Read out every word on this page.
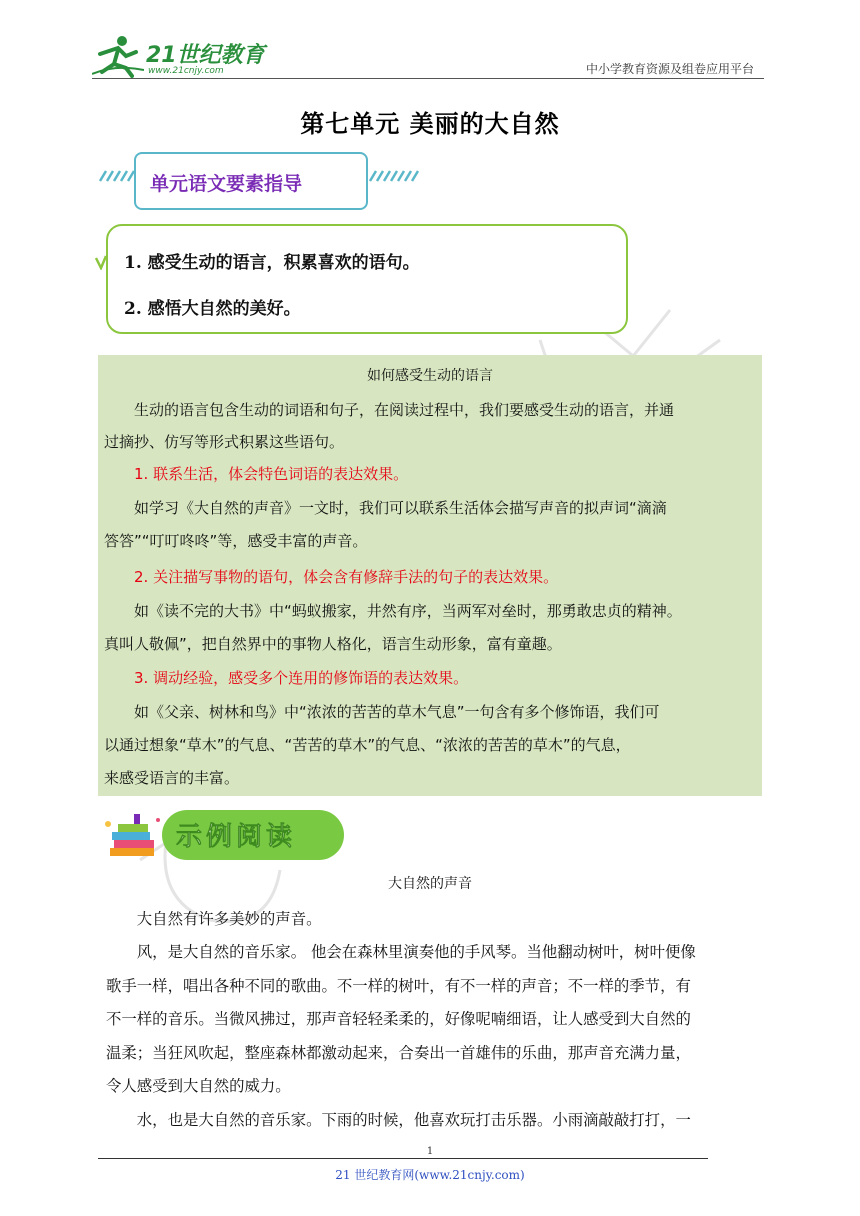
21世纪教育
www.21cnjy.com	中小学教育资源及组卷应用平台
第七单元 美丽的大自然
单元语文要素指导
1. 感受生动的语言，积累喜欢的语句。
2. 感悟大自然的美好。
如何感受生动的语言
　　生动的语言包含生动的词语和句子，在阅读过程中，我们要感受生动的语言，并通
过摘抄、仿写等形式积累这些语句。
　　1. 联系生活，体会特色词语的表达效果。
　　如学习《大自然的声音》一文时，我们可以联系生活体会描写声音的拟声词“滴滴
答答”“叮叮咚咚”等，感受丰富的声音。
　　2. 关注描写事物的语句，体会含有修辞手法的句子的表达效果。
　　如《读不完的大书》中“蚂蚁搬家，井然有序，当两军对垒时，那勇敢忠贞的精神。
真叫人敬佩”，把自然界中的事物人格化，语言生动形象，富有童趣。
　　3. 调动经验，感受多个连用的修饰语的表达效果。
　　如《父亲、树林和鸟》中“浓浓的苦苦的草木气息”一句含有多个修饰语，我们可
以通过想象“草木”的气息、“苦苦的草木”的气息、“浓浓的苦苦的草木”的气息，
来感受语言的丰富。
示例阅读
大自然的声音
　　大自然有许多美妙的声音。
　　风，是大自然的音乐家。 他会在森林里演奏他的手风琴。当他翻动树叶，树叶便像
歌手一样，唱出各种不同的歌曲。不一样的树叶，有不一样的声音；不一样的季节，有
不一样的音乐。当微风拂过，那声音轻轻柔柔的，好像呢喃细语，让人感受到大自然的
温柔；当狂风吹起，整座森林都激动起来，合奏出一首雄伟的乐曲，那声音充满力量，
令人感受到大自然的威力。
　　水，也是大自然的音乐家。下雨的时候，他喜欢玩打击乐器。小雨滴敲敲打打，一
1
21 世纪教育网(www.21cnjy.com)
